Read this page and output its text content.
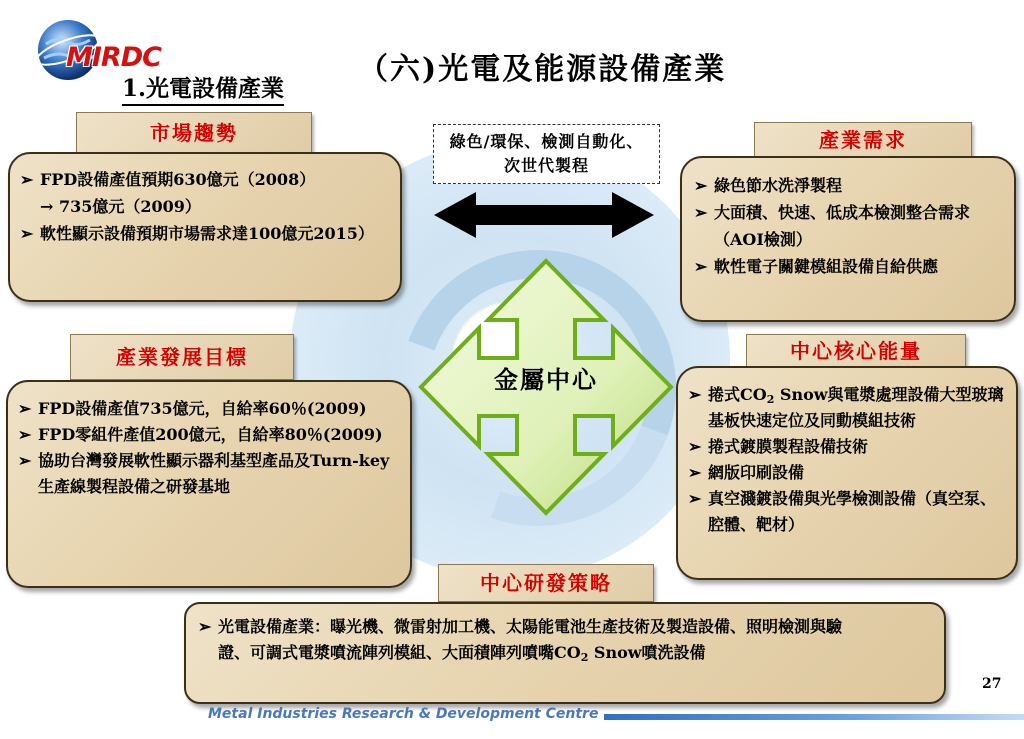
MIRDC	（六)光電及能源設備產業
1.光電設備產業
綠色/環保、檢測自動化、次世代製程
金屬中心
市場趨勢
➢ FPD設備產值預期630億元（2008）
→ 735億元（2009）
➢ 軟性顯示設備預期市場需求達100億元2015）
產業需求
➢ 綠色節水洗淨製程
➢ 大面積、快速、低成本檢測整合需求（AOI檢測）
➢ 軟性電子關鍵模組設備自給供應
產業發展目標
➢ FPD設備產值735億元，自給率60％(2009)
➢ FPD零組件產值200億元，自給率80％(2009)
➢ 協助台灣發展軟性顯示器利基型產品及Turn-key生產線製程設備之研發基地
中心核心能量
➢ 捲式$CO_2$ Snow與電漿處理設備大型玻璃基板快速定位及同動模組技術
➢ 捲式鍍膜製程設備技術
➢ 網版印刷設備
➢ 真空濺鍍設備與光學檢測設備（真空泵、腔體、靶材）
中心研發策略
➢ 光電設備產業：曝光機、微雷射加工機、太陽能電池生產技術及製造設備、照明檢測與驗證、可調式電漿噴流陣列模組、大面積陣列噴嘴$CO_2$ Snow噴洗設備
27
Metal Industries Research & Development Centre
